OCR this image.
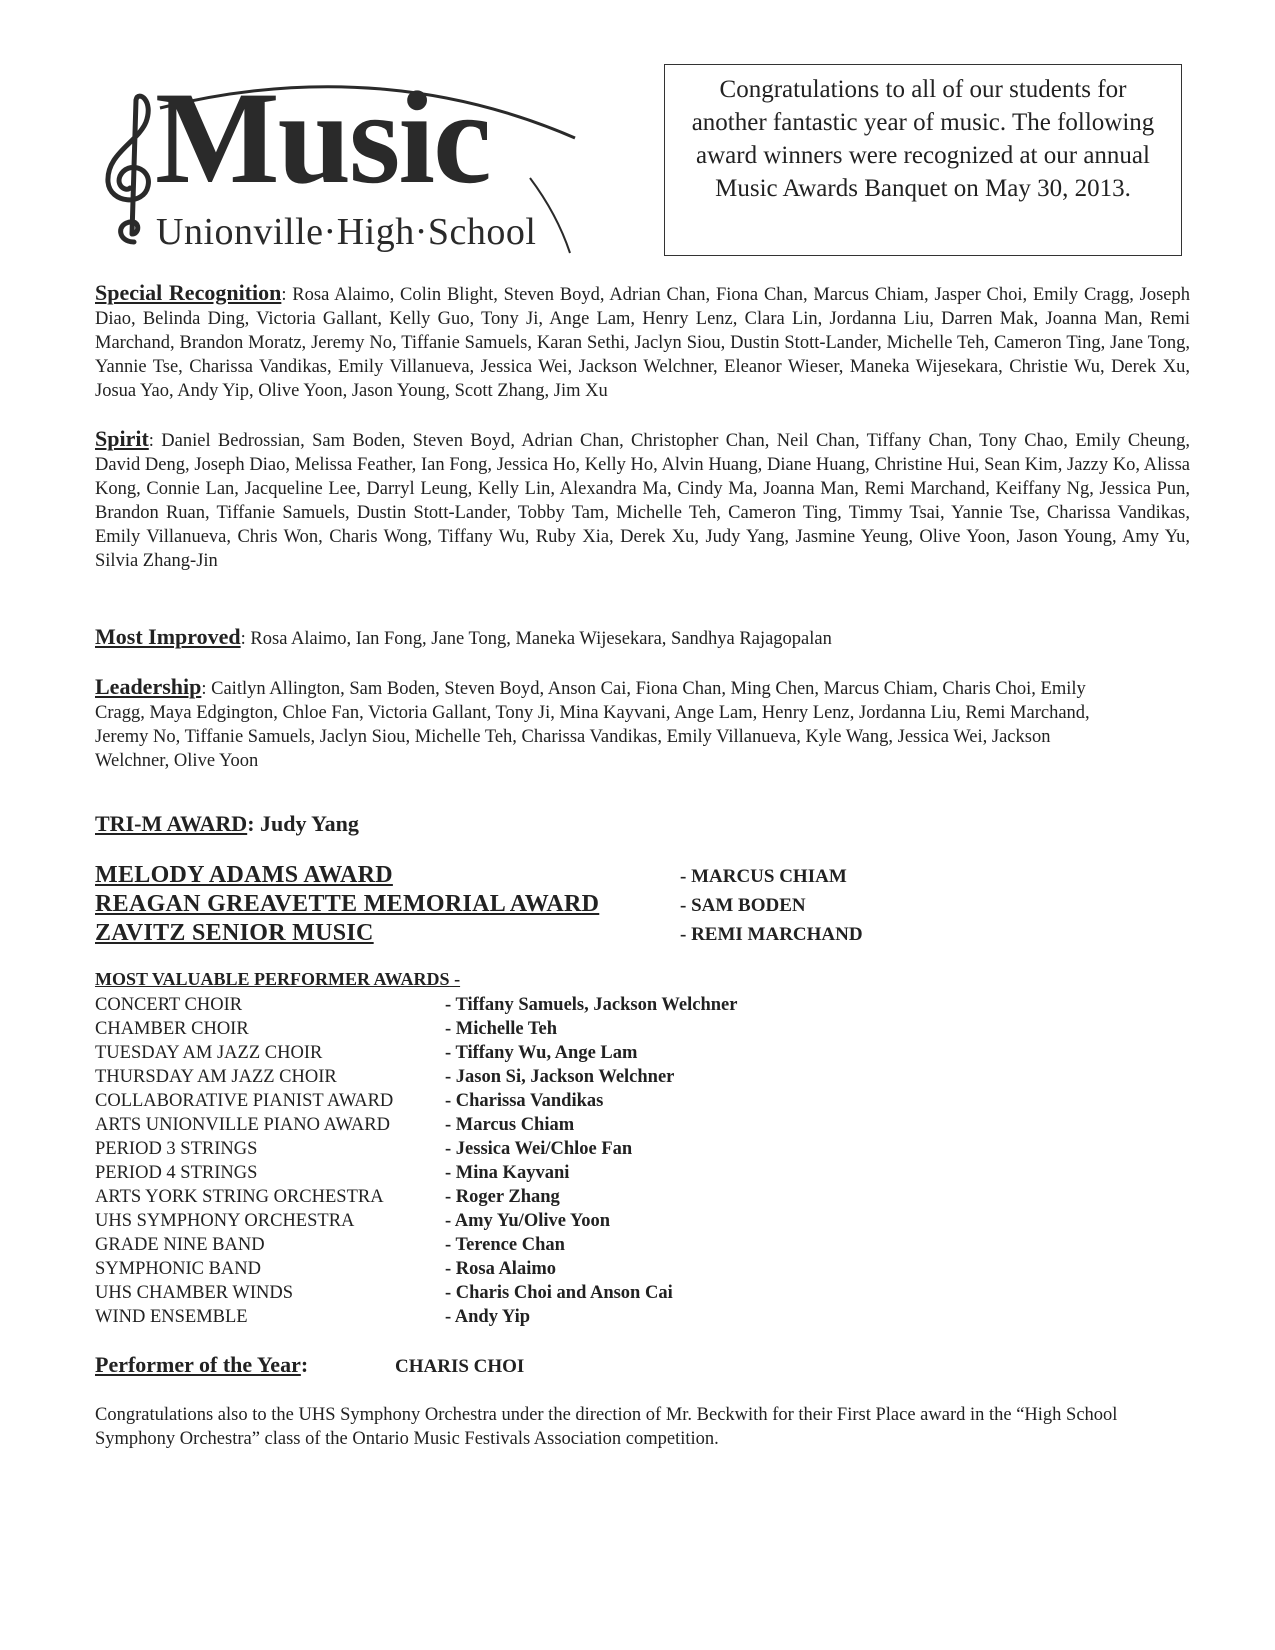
Music
Unionville·High·School
Congratulations to all of our students for another fantastic year of music. The following award winners were recognized at our annual Music Awards Banquet on May 30, 2013.
Special Recognition: Rosa Alaimo, Colin Blight, Steven Boyd, Adrian Chan, Fiona Chan, Marcus Chiam, Jasper Choi, Emily Cragg, Joseph Diao, Belinda Ding, Victoria Gallant, Kelly Guo, Tony Ji, Ange Lam, Henry Lenz, Clara Lin, Jordanna Liu, Darren Mak, Joanna Man, Remi Marchand, Brandon Moratz, Jeremy No, Tiffanie Samuels, Karan Sethi, Jaclyn Siou, Dustin Stott-Lander, Michelle Teh, Cameron Ting, Jane Tong, Yannie Tse, Charissa Vandikas, Emily Villanueva, Jessica Wei, Jackson Welchner, Eleanor Wieser, Maneka Wijesekara, Christie Wu, Derek Xu, Josua Yao, Andy Yip, Olive Yoon, Jason Young, Scott Zhang, Jim Xu
Spirit: Daniel Bedrossian, Sam Boden, Steven Boyd, Adrian Chan, Christopher Chan, Neil Chan, Tiffany Chan, Tony Chao, Emily Cheung, David Deng, Joseph Diao, Melissa Feather, Ian Fong, Jessica Ho, Kelly Ho, Alvin Huang, Diane Huang, Christine Hui, Sean Kim, Jazzy Ko, Alissa Kong, Connie Lan, Jacqueline Lee, Darryl Leung, Kelly Lin, Alexandra Ma, Cindy Ma, Joanna Man, Remi Marchand, Keiffany Ng, Jessica Pun, Brandon Ruan, Tiffanie Samuels, Dustin Stott-Lander, Tobby Tam, Michelle Teh, Cameron Ting, Timmy Tsai, Yannie Tse, Charissa Vandikas, Emily Villanueva, Chris Won, Charis Wong, Tiffany Wu, Ruby Xia, Derek Xu, Judy Yang, Jasmine Yeung, Olive Yoon, Jason Young, Amy Yu, Silvia Zhang-Jin
Most Improved: Rosa Alaimo, Ian Fong, Jane Tong, Maneka Wijesekara, Sandhya Rajagopalan
Leadership: Caitlyn Allington, Sam Boden, Steven Boyd, Anson Cai, Fiona Chan, Ming Chen, Marcus Chiam, Charis Choi, Emily Cragg, Maya Edgington, Chloe Fan, Victoria Gallant, Tony Ji, Mina Kayvani, Ange Lam, Henry Lenz, Jordanna Liu, Remi Marchand, Jeremy No, Tiffanie Samuels, Jaclyn Siou, Michelle Teh, Charissa Vandikas, Emily Villanueva, Kyle Wang, Jessica Wei, Jackson Welchner, Olive Yoon
TRI-M AWARD: Judy Yang
MELODY ADAMS AWARD	- MARCUS CHIAM
REAGAN GREAVETTE MEMORIAL AWARD	- SAM BODEN
ZAVITZ SENIOR MUSIC	- REMI MARCHAND
MOST VALUABLE PERFORMER AWARDS -
CONCERT CHOIR	- Tiffany Samuels, Jackson Welchner
CHAMBER CHOIR	- Michelle Teh
TUESDAY AM JAZZ CHOIR	- Tiffany Wu, Ange Lam
THURSDAY AM JAZZ CHOIR	- Jason Si, Jackson Welchner
COLLABORATIVE PIANIST AWARD	- Charissa Vandikas
ARTS UNIONVILLE PIANO AWARD	- Marcus Chiam
PERIOD 3 STRINGS	- Jessica Wei/Chloe Fan
PERIOD 4 STRINGS	- Mina Kayvani
ARTS YORK STRING ORCHESTRA	- Roger Zhang
UHS SYMPHONY ORCHESTRA	- Amy Yu/Olive Yoon
GRADE NINE BAND	- Terence Chan
SYMPHONIC BAND	- Rosa Alaimo
UHS CHAMBER WINDS	- Charis Choi and Anson Cai
WIND ENSEMBLE	- Andy Yip
Performer of the Year:	CHARIS CHOI
Congratulations also to the UHS Symphony Orchestra under the direction of Mr. Beckwith for their First Place award in the “High School Symphony Orchestra” class of the Ontario Music Festivals Association competition.
